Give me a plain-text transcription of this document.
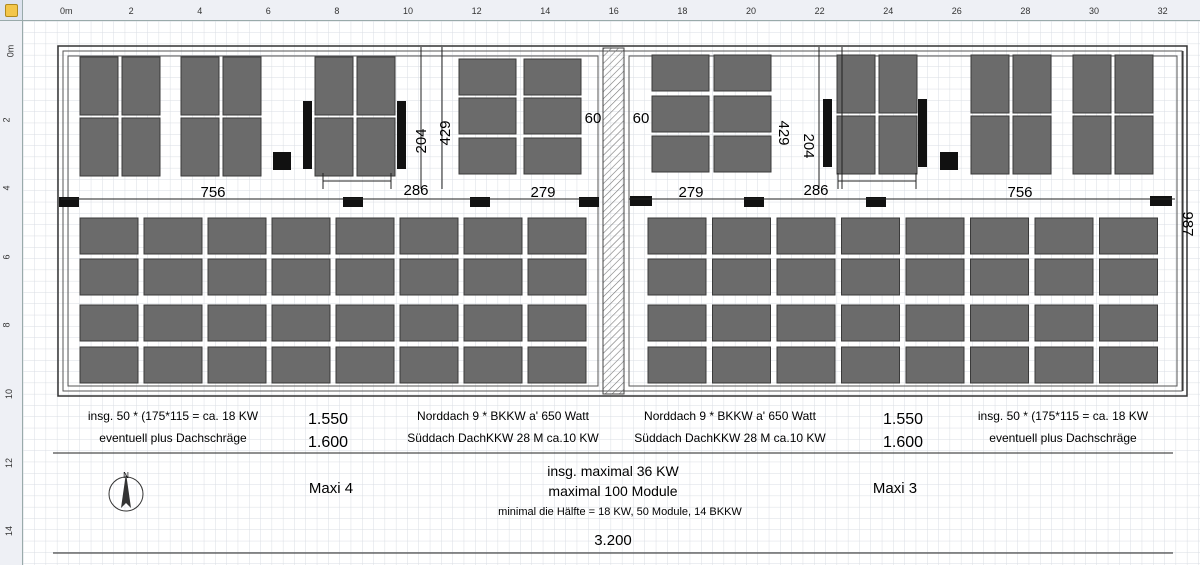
0m	2	4	6	8	10	12	14	16	18	20	22	24	26	28	30	32
0m
2
4
6
8
10
12
14
756	286	279
204 429
60 60
429
204
279	286	756
987
insg. 50 * (175*115 = ca. 18 KW
eventuell plus Dachschräge
1.550
1.600
Norddach 9 * BKKW a' 650 Watt
Süddach DachKKW 28 M ca.10 KW
Norddach 9 * BKKW a' 650 Watt
Süddach DachKKW 28 M ca.10 KW
1.550
1.600
insg. 50 * (175*115 = ca. 18 KW
eventuell plus Dachschräge
insg. maximal 36 KW
maximal 100 Module
minimal die Hälfte = 18 KW, 50 Module, 14 BKKW
3.200
Maxi 4	Maxi 3
N
